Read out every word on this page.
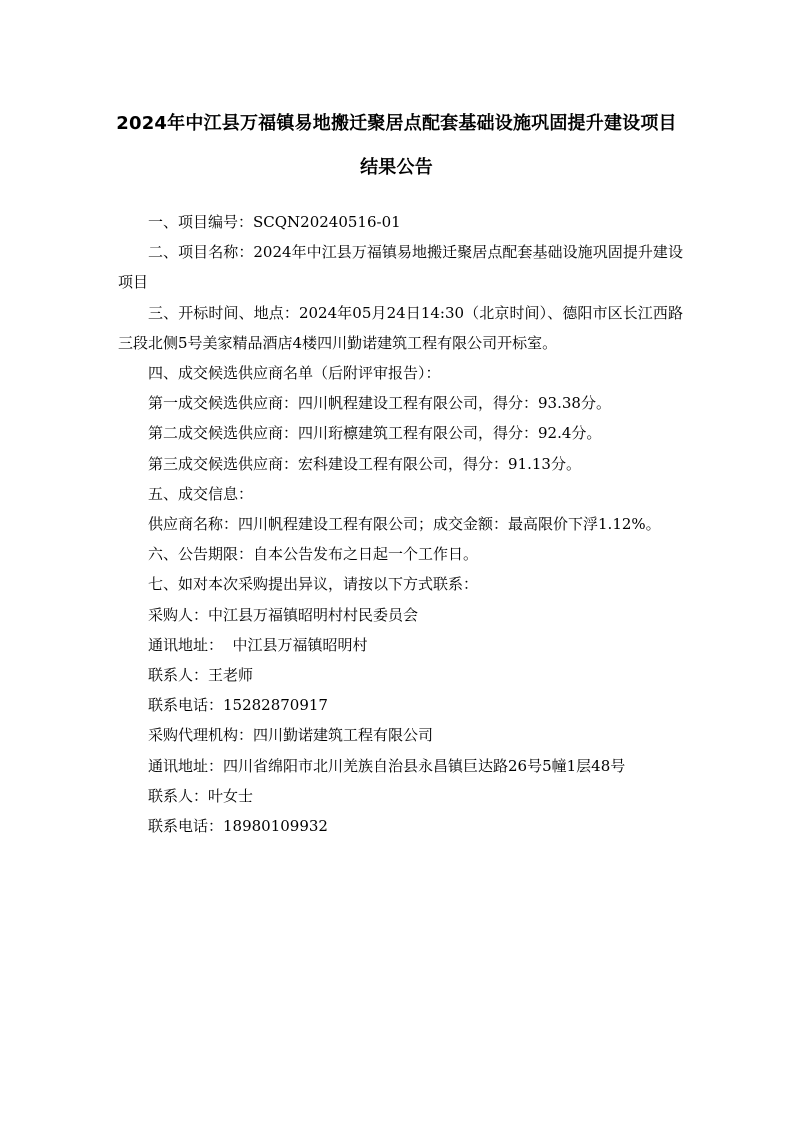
2024年中江县万福镇易地搬迁聚居点配套基础设施巩固提升建设项目结果公告

一、项目编号：SCQN20240516-01

二、项目名称：2024年中江县万福镇易地搬迁聚居点配套基础设施巩固提升建设项目

三、开标时间、地点：2024年05月24日14:30（北京时间）、德阳市区长江西路三段北侧5号美家精品酒店4楼四川勤诺建筑工程有限公司开标室。

四、成交候选供应商名单（后附评审报告）：

第一成交候选供应商：四川帆程建设工程有限公司，得分：93.38分。

第二成交候选供应商：四川珩檩建筑工程有限公司，得分：92.4分。

第三成交候选供应商：宏科建设工程有限公司，得分：91.13分。

五、成交信息：

供应商名称：四川帆程建设工程有限公司；成交金额：最高限价下浮1.12%。

六、公告期限：自本公告发布之日起一个工作日。

七、如对本次采购提出异议，请按以下方式联系：

采购人：中江县万福镇昭明村村民委员会

通讯地址：  中江县万福镇昭明村

联系人：王老师

联系电话：15282870917

采购代理机构：四川勤诺建筑工程有限公司

通讯地址：四川省绵阳市北川羌族自治县永昌镇巨达路26号5幢1层48号

联系人：叶女士

联系电话：18980109932
